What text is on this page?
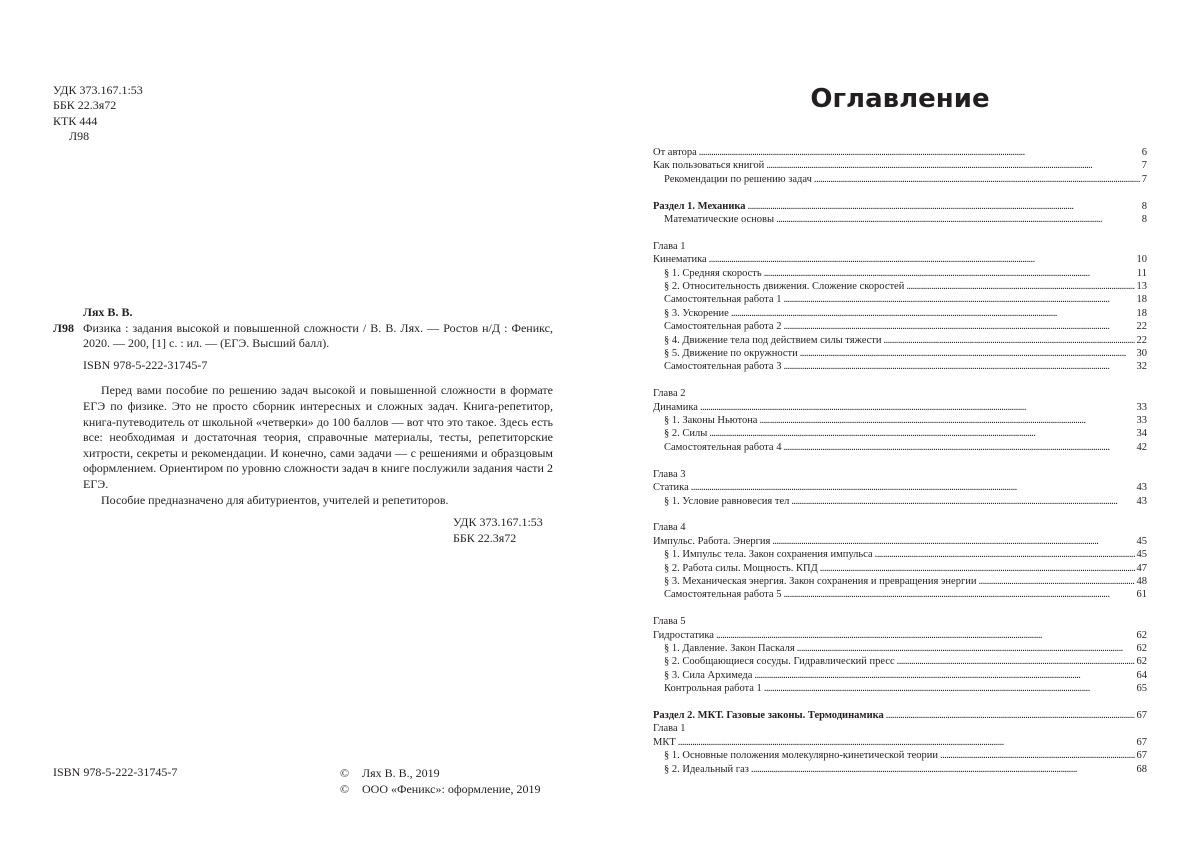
УДК 373.167.1:53
ББК 22.3я72
КТК 444
Л98
Лях В. В.
Л98 Физика : задания высокой и повышенной сложности / В. В. Лях. — Ростов н/Д : Феникс, 2020. — 200, [1] с. : ил. — (ЕГЭ. Высший балл).
ISBN 978-5-222-31745-7

Перед вами пособие по решению задач высокой и повышенной сложности в формате ЕГЭ по физике. Это не просто сборник интересных и сложных задач. Книга-репетитор, книга-путеводитель от школьной «четверки» до 100 баллов — вот что это такое. Здесь есть все: необходимая и достаточная теория, справочные материалы, тесты, репетиторские хитрости, секреты и рекомендации. И конечно, сами задачи — с решениями и образцовым оформлением. Ориентиром по уровню сложности задач в книге послужили задания части 2 ЕГЭ.

Пособие предназначено для абитуриентов, учителей и репетиторов.

УДК 373.167.1:53
ББК 22.3я72
ISBN 978-5-222-31745-7	© Лях В. В., 2019
© ООО «Феникс»: оформление, 2019
Оглавление
От автора . . .	6
Как пользоваться книгой . . .	7
Рекомендации по решению задач . . .	7
Раздел 1. Механика . . .	8
Математические основы . . .	8
Глава 1
Кинематика . . .	10
§ 1. Средняя скорость . . .	11
§ 2. Относительность движения. Сложение скоростей . . .	13
Самостоятельная работа 1 . . .	18
§ 3. Ускорение . . .	18
Самостоятельная работа 2 . . .	22
§ 4. Движение тела под действием силы тяжести . . .	22
§ 5. Движение по окружности . . .	30
Самостоятельная работа 3 . . .	32
Глава 2
Динамика . . .	33
§ 1. Законы Ньютона . . .	33
§ 2. Силы . . .	34
Самостоятельная работа 4 . . .	42
Глава 3
Статика . . .	43
§ 1. Условие равновесия тел . . .	43
Глава 4
Импульс. Работа. Энергия . . .	45
§ 1. Импульс тела. Закон сохранения импульса . . .	45
§ 2. Работа силы. Мощность. КПД . . .	47
§ 3. Механическая энергия. Закон сохранения и превращения энергии . . .	48
Самостоятельная работа 5 . . .	61
Глава 5
Гидростатика . . .	62
§ 1. Давление. Закон Паскаля . . .	62
§ 2. Сообщающиеся сосуды. Гидравлический пресс . . .	62
§ 3. Сила Архимеда . . .	64
Контрольная работа 1 . . .	65
Раздел 2. МКТ. Газовые законы. Термодинамика . . .	67
Глава 1
МКТ . . .	67
§ 1. Основные положения молекулярно-кинетической теории . . .	67
§ 2. Идеальный газ . . .	68
